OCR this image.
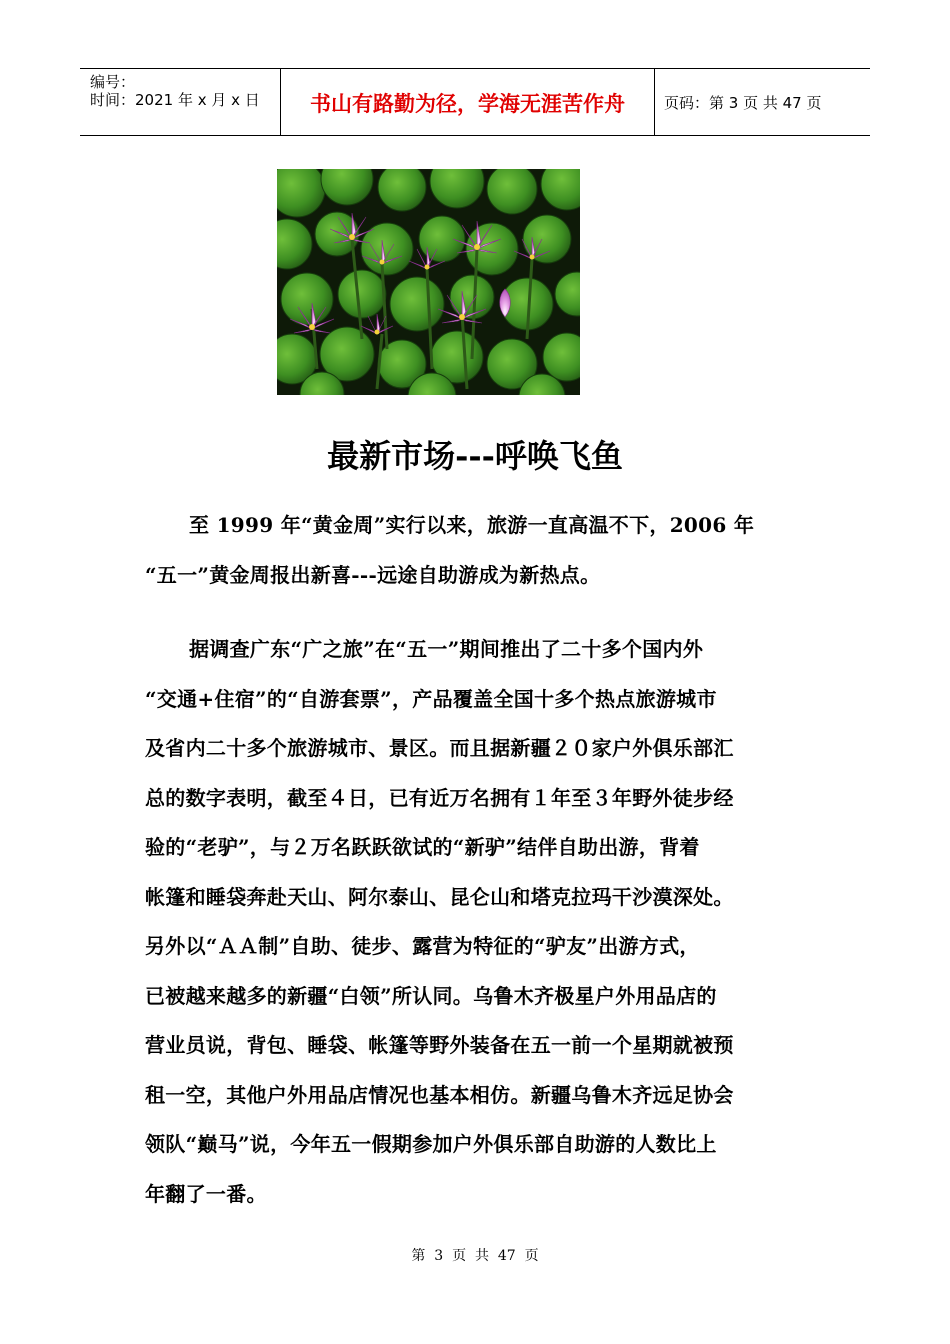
编号：
时间：2021 年 x 月 x 日	书山有路勤为径，学海无涯苦作舟	页码：第 3 页 共 47 页
最新市场---呼唤飞鱼
至 1999 年“黄金周”实行以来，旅游一直高温不下，2006 年
“五一”黄金周报出新喜---远途自助游成为新热点。
据调查广东“广之旅”在“五一”期间推出了二十多个国内外
“交通+住宿”的“自游套票”，产品覆盖全国十多个热点旅游城市
及省内二十多个旅游城市、景区。而且据新疆２０家户外俱乐部汇
总的数字表明，截至４日，已有近万名拥有１年至３年野外徒步经
验的“老驴”，与２万名跃跃欲试的“新驴”结伴自助出游，背着
帐篷和睡袋奔赴天山、阿尔泰山、昆仑山和塔克拉玛干沙漠深处。
另外以“ＡＡ制”自助、徒步、露营为特征的“驴友”出游方式，
已被越来越多的新疆“白领”所认同。乌鲁木齐极星户外用品店的
营业员说，背包、睡袋、帐篷等野外装备在五一前一个星期就被预
租一空，其他户外用品店情况也基本相仿。新疆乌鲁木齐远足协会
领队“巅马”说，今年五一假期参加户外俱乐部自助游的人数比上
年翻了一番。
第  3  页  共  47  页
